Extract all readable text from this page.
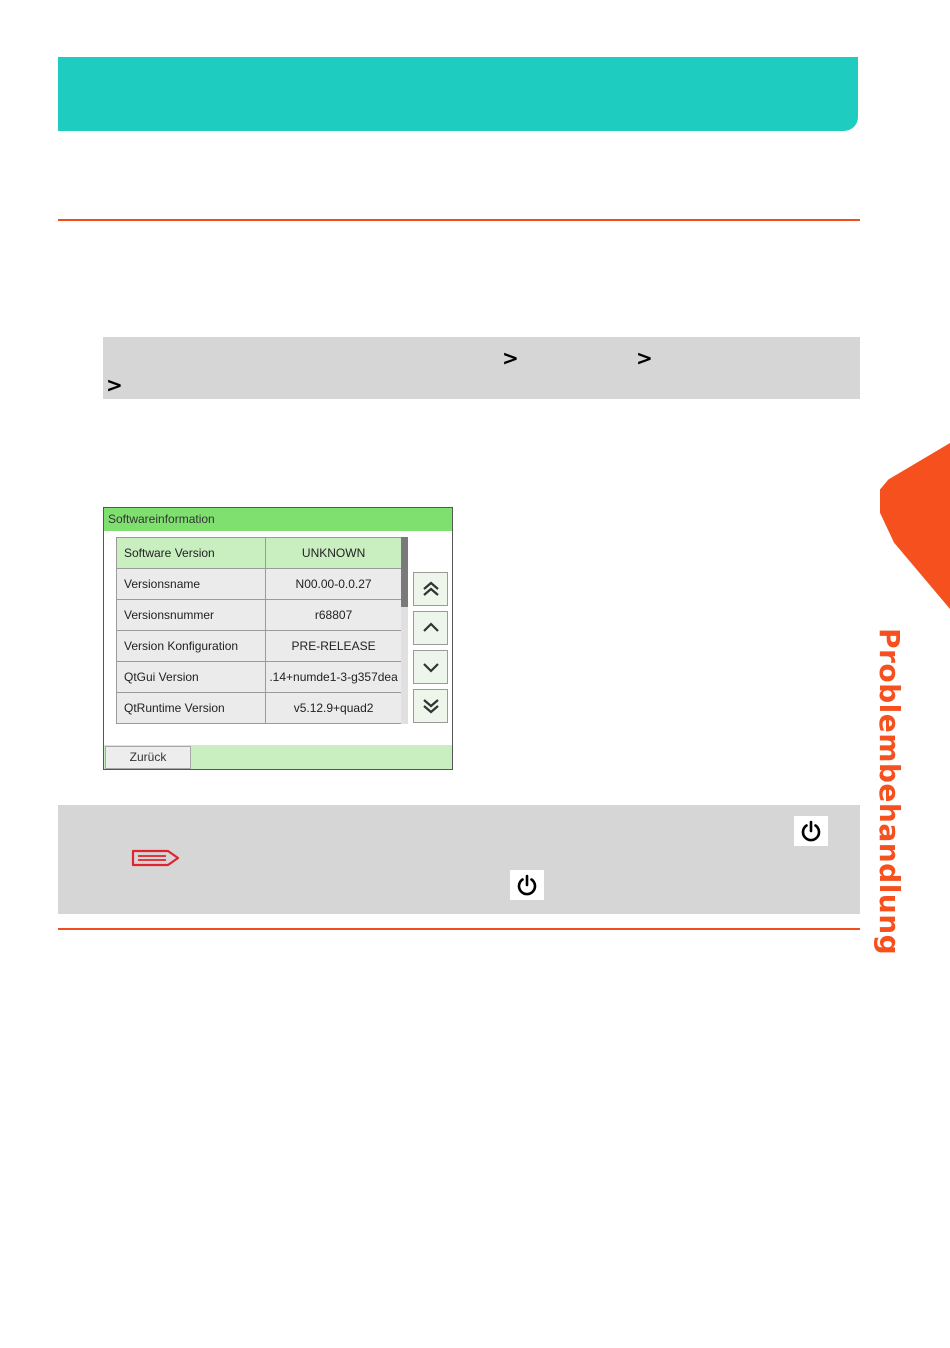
>	>
>
Problembehandlung
Softwareinformation
Software Version	UNKNOWN
Versionsname	N00.00-0.0.27
Versionsnummer	r68807
Version Konfiguration	PRE-RELEASE
QtGui Version	.14+numde1-3-g357dea
QtRuntime Version	v5.12.9+quad2
Zurück
